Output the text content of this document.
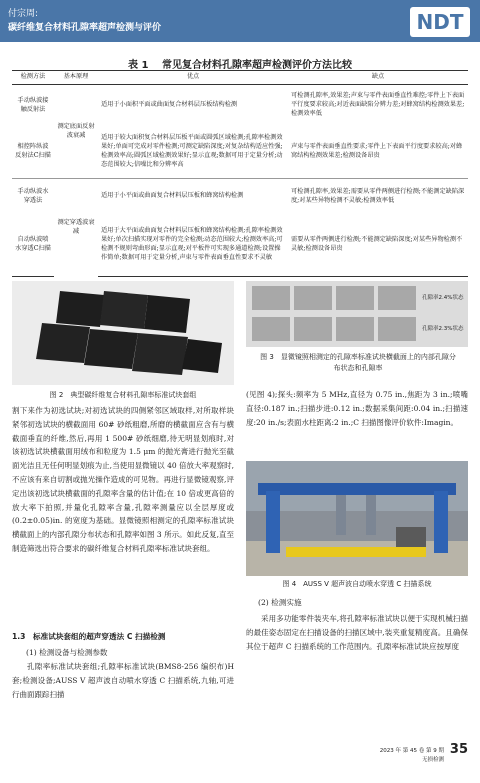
付宗周:
碳纤维复合材料孔隙率超声检测与评价	NDT
表 1 常见复合材料孔隙率超声检测评价方法比较
检测方法	基本原理	优点	缺点
手动纵波接触反射法	测定底面反射波衰减	适用于小面积平面或曲面复合材料层压板结构检测	可检测孔隙率,效果差;声束与零件表面垂直性难控;零件上下表面平行度要求较高;对近表面缺陷分辨力差;对蜂窝结构检测效果差;检测效率低
相控阵纵波反射法C扫描		适用于较大面积复合材料层压板平面或圆弧区域检测;孔隙率检测效果好;单面可完成对零件检测;可测定缺陷深度;对复杂结构适应性强;检测效率高;圆弧区域检测效果好;显示直观;数据可用于定量分析;动态范围较大;信噪比和分辨率高	声束与零件表面垂直性要求;零件上下表面平行度要求较高;对蜂窝结构检测效果差;检测设备昂贵
手动纵波水穿透法	测定穿透波衰减	适用于小平面或曲面复合材料层压板和蜂窝结构检测	可检测孔隙率,效果差;需要从零件两侧进行检测;不能测定缺陷深度;对某些异物检测不灵敏;检测效率低
自动纵波喷水穿透C扫描		适用于大平面或曲面复合材料层压板和蜂窝结构检测;孔隙率检测效果好;单次扫描实现对零件的完全检测;动态范围较大;检测效率高;可检测不规则弯曲形面;显示直观;对平板件可实现多通道检测;设置操作简单;数据可用于定量分析,声束与零件表面垂直性要求不灵敏	需要从零件两侧进行检测;不能测定缺陷深度;对某些异物检测不灵敏;检测设备昂贵
图 2　典型碳纤维复合材料孔隙率标准试块套组
孔隙率2.4%状态
孔隙率2.3%状态
图 3　显微镜照相测定的孔隙率标准试块横截面上的内部孔隙分布状态和孔隙率
图 4　AUSS V 超声波自动喷水穿透 C 扫描系统
割下来作为初选试块;对初选试块的四侧紧邻区域取样,对所取样块紧邻初选试块的横截面用 60# 砂纸粗磨,所磨的横截面应含有与横截面垂直的纤维,然后,再用 1 500# 砂纸细磨,待无明显划痕时,对该初选试块横截面用绒布和粒度为 1.5 μm 的抛光膏进行抛光至截面光洁且无任何明显划痕为止,当使用显微镜以 40 倍放大率观察时,不应该有来自切割或抛光操作造成的可见物。再进行显微镜观察,评定出该初选试块横截面的孔隙率含量的估计值;在 10 倍或更高倍的放大率下拍照,并量化孔隙率含量,孔隙率测量应以全层厚度或(0.2±0.05)in. 的宽度为基础。显微镜照相测定的孔隙率标准试块横截面上的内部孔隙分布状态和孔隙率如图 3 所示。如此反复,直至制造筛选出符合要求的碳纤维复合材料孔隙率标准试块套组。
1.3　标准试块套组的超声穿透法 C 扫描检测
(1) 检测设备与检测参数
孔隙率标准试块套组;孔隙率标准试块(BMS8-256 编织布)H 套;检测设备;AUSS V 超声波自动喷水穿透 C 扫描系统,九轴,可进行曲面跟踪扫描
(见图 4);探头:频率为 5 MHz,直径为 0.75 in.,焦距为 3 in.;喷嘴直径:0.187 in.;扫描步进:0.12 in.;数据采集间距:0.04 in.;扫描速度:20 in./s;表面水柱距离:2 in.;C 扫描图像评价软件:Imagin。
(2) 检测实施
采用多功能零件装夹车,将孔隙率标准试块以便于实现机械扫描的最佳姿态固定在扫描设备的扫描区域中,装夹重复精度高。且确保其位于超声 C 扫描系统的工作范围内。孔隙率标准试块应按厚度
35
2023 年 第 45 卷 第 9 期
无损检测
